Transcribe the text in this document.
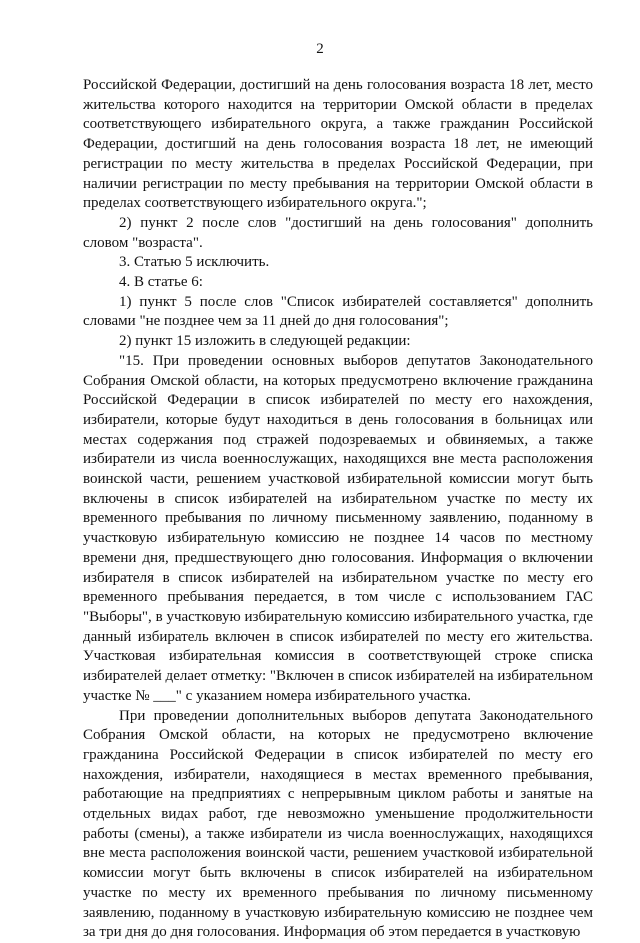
2

Российской Федерации, достигший на день голосования возраста 18 лет, место жительства которого находится на территории Омской области в пределах соответствующего избирательного округа, а также гражданин Российской Федерации, достигший на день голосования возраста 18 лет, не имеющий регистрации по месту жительства в пределах Российской Федерации, при наличии регистрации по месту пребывания на территории Омской области в пределах соответствующего избирательного округа.";

2) пункт 2 после слов "достигший на день голосования" дополнить словом "возраста".

3. Статью 5 исключить.

4. В статье 6:

1) пункт 5 после слов "Список избирателей составляется" дополнить словами "не позднее чем за 11 дней до дня голосования";

2) пункт 15 изложить в следующей редакции:

"15. При проведении основных выборов депутатов Законодательного Собрания Омской области, на которых предусмотрено включение гражданина Российской Федерации в список избирателей по месту его нахождения, избиратели, которые будут находиться в день голосования в больницах или местах содержания под стражей подозреваемых и обвиняемых, а также избиратели из числа военнослужащих, находящихся вне места расположения воинской части, решением участковой избирательной комиссии могут быть включены в список избирателей на избирательном участке по месту их временного пребывания по личному письменному заявлению, поданному в участковую избирательную комиссию не позднее 14 часов по местному времени дня, предшествующего дню голосования. Информация о включении избирателя в список избирателей на избирательном участке по месту его временного пребывания передается, в том числе с использованием ГАС "Выборы", в участковую избирательную комиссию избирательного участка, где данный избиратель включен в список избирателей по месту его жительства. Участковая избирательная комиссия в соответствующей строке списка избирателей делает отметку: "Включен в список избирателей на избирательном участке № ___" с указанием номера избирательного участка.

При проведении дополнительных выборов депутата Законодательного Собрания Омской области, на которых не предусмотрено включение гражданина Российской Федерации в список избирателей по месту его нахождения, избиратели, находящиеся в местах временного пребывания, работающие на предприятиях с непрерывным циклом работы и занятые на отдельных видах работ, где невозможно уменьшение продолжительности работы (смены), а также избиратели из числа военнослужащих, находящихся вне места расположения воинской части, решением участковой избирательной комиссии могут быть включены в список избирателей на избирательном участке по месту их временного пребывания по личному письменному заявлению, поданному в участковую избирательную комиссию не позднее чем за три дня до дня голосования. Информация об этом передается в участковую
